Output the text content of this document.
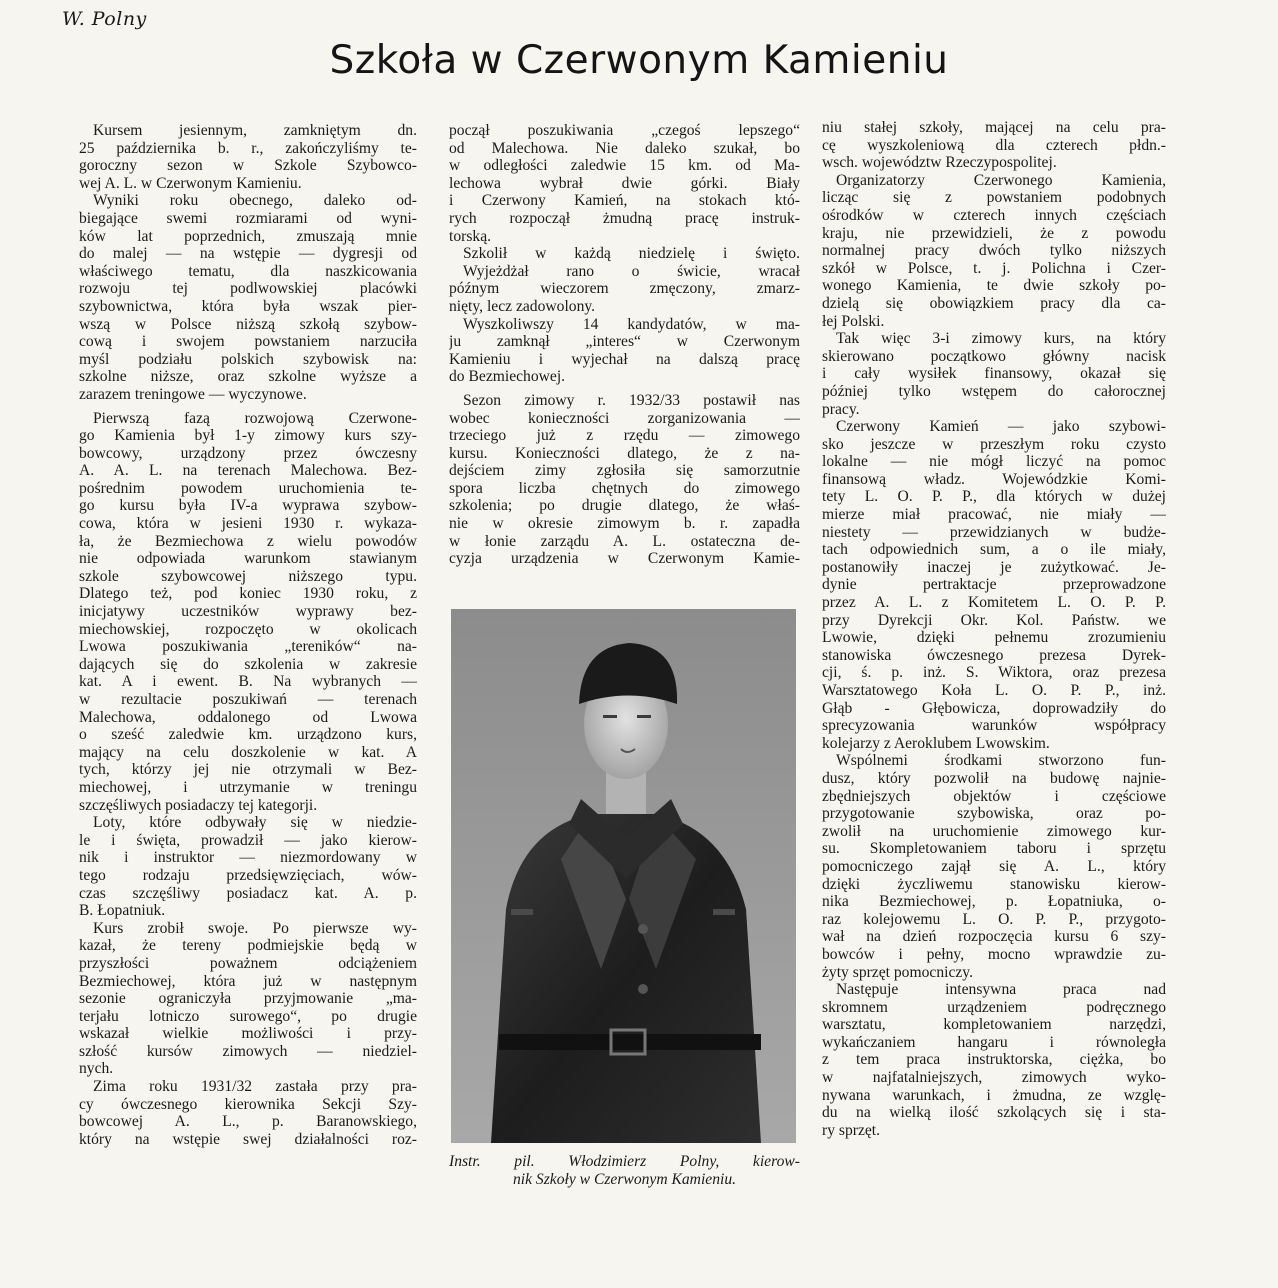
W. Polny
Szkoła w Czerwonym Kamieniu
Kursem jesiennym, zamkniętym dn.
25 października b. r., zakończyliśmy te-
goroczny sezon w Szkole Szybowco-
wej A. L. w Czerwonym Kamieniu.
Wyniki roku obecnego, daleko od-
biegające swemi rozmiarami od wyni-
ków lat poprzednich, zmuszają mnie
do malej — na wstępie — dygresji od
właściwego tematu, dla naszkicowania
rozwoju tej podlwowskiej placówki
szybownictwa, która była wszak pier-
wszą w Polsce niższą szkołą szybow-
cową i swojem powstaniem narzuciła
myśl podziału polskich szybowisk na:
szkolne niższe, oraz szkolne wyższe a
zarazem treningowe — wyczynowe.
Pierwszą fazą rozwojową Czerwone-
go Kamienia był 1-y zimowy kurs szy-
bowcowy, urządzony przez ówczesny
A. A. L. na terenach Malechowa. Bez-
pośrednim powodem uruchomienia te-
go kursu była IV-a wyprawa szybow-
cowa, która w jesieni 1930 r. wykaza-
ła, że Bezmiechowa z wielu powodów
nie odpowiada warunkom stawianym
szkole szybowcowej niższego typu.
Dlatego też, pod koniec 1930 roku, z
inicjatywy uczestników wyprawy bez-
miechowskiej, rozpoczęto w okolicach
Lwowa poszukiwania „tereników“ na-
dających się do szkolenia w zakresie
kat. A i ewent. B. Na wybranych —
w rezultacie poszukiwań — terenach
Malechowa, oddalonego od Lwowa
o sześć zaledwie km. urządzono kurs,
mający na celu doszkolenie w kat. A
tych, którzy jej nie otrzymali w Bez-
miechowej, i utrzymanie w treningu
szczęśliwych posiadaczy tej kategorji.
Loty, które odbywały się w niedzie-
le i święta, prowadził — jako kierow-
nik i instruktor — niezmordowany w
tego rodzaju przedsięwzięciach, wów-
czas szczęśliwy posiadacz kat. A. p.
B. Łopatniuk.
Kurs zrobił swoje. Po pierwsze wy-
kazał, że tereny podmiejskie będą w
przyszłości poważnem odciążeniem
Bezmiechowej, która już w następnym
sezonie ograniczyła przyjmowanie „ma-
terjału lotniczo surowego“, po drugie
wskazał wielkie możliwości i przy-
szłość kursów zimowych — niedziel-
nych.
Zima roku 1931/32 zastała przy pra-
cy ówczesnego kierownika Sekcji Szy-
bowcowej A. L., p. Baranowskiego,
który na wstępie swej działalności roz-
począł poszukiwania „czegoś lepszego“
od Malechowa. Nie daleko szukał, bo
w odległości zaledwie 15 km. od Ma-
lechowa wybrał dwie górki. Biały
i Czerwony Kamień, na stokach któ-
rych rozpoczął żmudną pracę instruk-
torską.
Szkolił w każdą niedzielę i święto.
Wyjeżdżał rano o świcie, wracał
późnym wieczorem zmęczony, zmarz-
nięty, lecz zadowolony.
Wyszkoliwszy 14 kandydatów, w ma-
ju zamknął „interes“ w Czerwonym
Kamieniu i wyjechał na dalszą pracę
do Bezmiechowej.
Sezon zimowy r. 1932/33 postawił nas
wobec konieczności zorganizowania —
trzeciego już z rzędu — zimowego
kursu. Konieczności dlatego, że z na-
dejściem zimy zgłosiła się samorzutnie
spora liczba chętnych do zimowego
szkolenia; po drugie dlatego, że właś-
nie w okresie zimowym b. r. zapadła
w łonie zarządu A. L. ostateczna de-
cyzja urządzenia w Czerwonym Kamie-
niu stałej szkoły, mającej na celu pra-
cę wyszkoleniową dla czterech płdn.-
wsch. województw Rzeczypospolitej.
Organizatorzy Czerwonego Kamienia,
licząc się z powstaniem podobnych
ośrodków w czterech innych częściach
kraju, nie przewidzieli, że z powodu
normalnej pracy dwóch tylko niższych
szkół w Polsce, t. j. Polichna i Czer-
wonego Kamienia, te dwie szkoły po-
dzielą się obowiązkiem pracy dla ca-
łej Polski.
Tak więc 3-i zimowy kurs, na który
skierowano początkowo główny nacisk
i cały wysiłek finansowy, okazał się
później tylko wstępem do całorocznej
pracy.
Czerwony Kamień — jako szybowi-
sko jeszcze w przeszłym roku czysto
lokalne — nie mógł liczyć na pomoc
finansową władz. Wojewódzkie Komi-
tety L. O. P. P., dla których w dużej
mierze miał pracować, nie miały —
niestety — przewidzianych w budże-
tach odpowiednich sum, a o ile miały,
postanowiły inaczej je zużytkować. Je-
dynie pertraktacje przeprowadzone
przez A. L. z Komitetem L. O. P. P.
przy Dyrekcji Okr. Kol. Państw. we
Lwowie, dzięki pełnemu zrozumieniu
stanowiska ówczesnego prezesa Dyrek-
cji, ś. p. inż. S. Wiktora, oraz prezesa
Warsztatowego Koła L. O. P. P., inż.
Głąb - Głębowicza, doprowadziły do
sprecyzowania warunków współpracy
kolejarzy z Aeroklubem Lwowskim.
Wspólnemi środkami stworzono fun-
dusz, który pozwolił na budowę najnie-
zbędniejszych objektów i częściowe
przygotowanie szybowiska, oraz po-
zwolił na uruchomienie zimowego kur-
su. Skompletowaniem taboru i sprzętu
pomocniczego zajął się A. L., który
dzięki życzliwemu stanowisku kierow-
nika Bezmiechowej, p. Łopatniuka, o-
raz kolejowemu L. O. P. P., przygoto-
wał na dzień rozpoczęcia kursu 6 szy-
bowców i pełny, mocno wprawdzie zu-
żyty sprzęt pomocniczy.
Następuje intensywna praca nad
skromnem urządzeniem podręcznego
warsztatu, kompletowaniem narzędzi,
wykańczaniem hangaru i równoległa
z tem praca instruktorska, ciężka, bo
w najfatalniejszych, zimowych wyko-
nywana warunkach, i żmudna, ze wzglę-
du na wielką ilość szkolących się i sta-
ry sprzęt.
Instr. pil. Włodzimierz Polny, kierow-
nik Szkoły w Czerwonym Kamieniu.
